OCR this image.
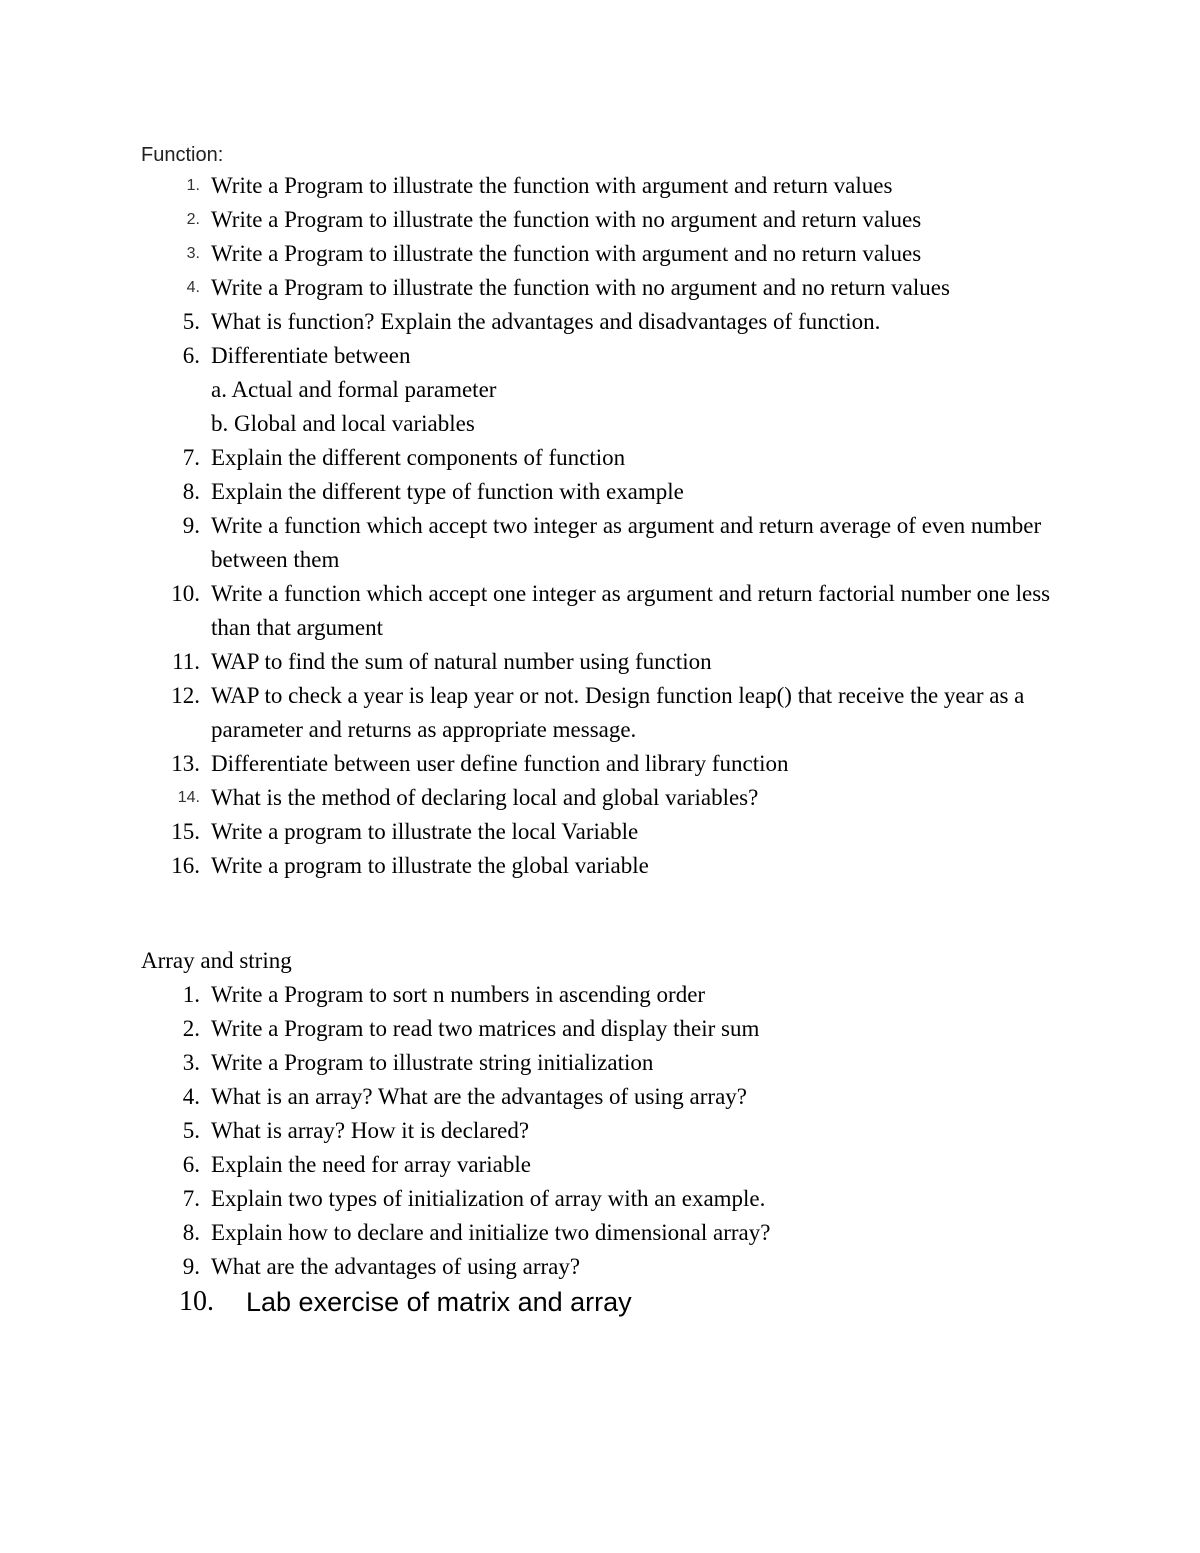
Function:
1. Write a Program to illustrate the function with argument and return values
2. Write a Program to illustrate the function with no argument and return values
3. Write a Program to illustrate the function with argument and no return values
4. Write a Program to illustrate the function with no argument and no return values
5. What is function? Explain the advantages and disadvantages of function.
6. Differentiate between
a. Actual and formal parameter
b. Global and local variables
7. Explain the different components of function
8. Explain the different type of function with example
9. Write a function which accept two integer as argument and return average of even number between them
10. Write a function which accept one integer as argument and return factorial number one less than that argument
11. WAP to find the sum of natural number using function
12. WAP to check a year is leap year or not. Design function leap() that receive the year as a parameter and returns as appropriate message.
13. Differentiate between user define function and library function
14. What is the method of declaring local and global variables?
15. Write a program to illustrate the local Variable
16. Write a program to illustrate the global variable
Array and string
1. Write a Program to sort n numbers in ascending order
2. Write a Program to read two matrices and display their sum
3. Write a Program to illustrate string initialization
4. What is an array? What are the advantages of using array?
5. What is array? How it is declared?
6. Explain the need for array variable
7. Explain two types of initialization of array with an example.
8. Explain how to declare and initialize two dimensional array?
9. What are the advantages of using array?
10. Lab exercise of matrix and array
